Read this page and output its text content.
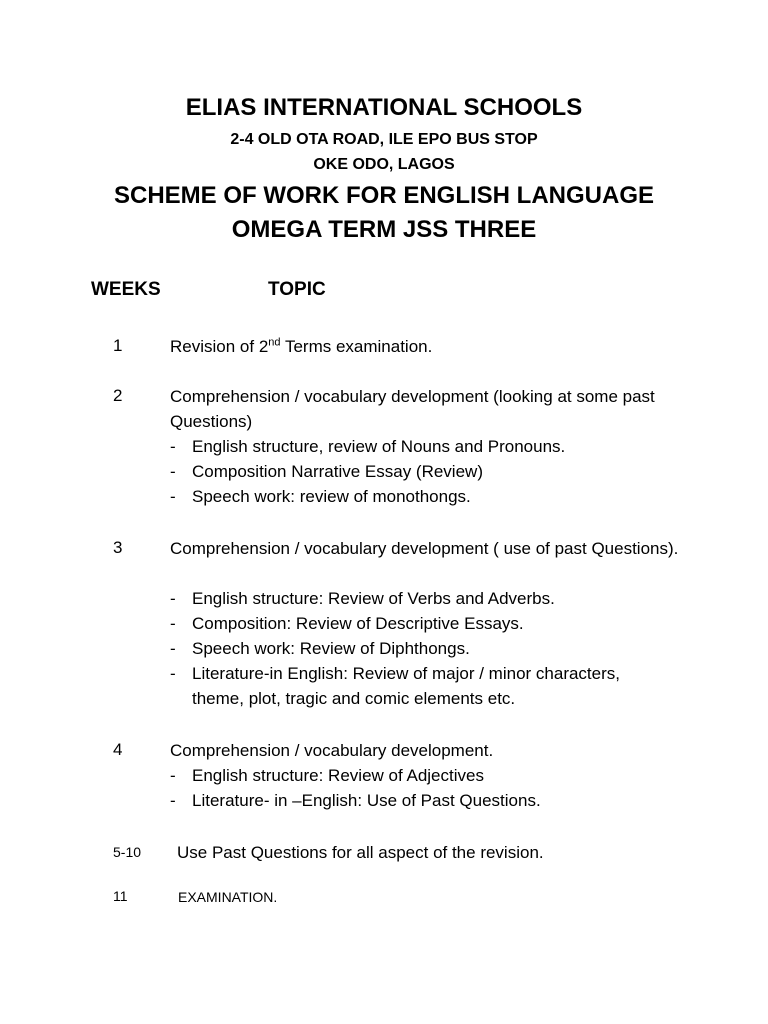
ELIAS INTERNATIONAL SCHOOLS
2-4 OLD OTA ROAD, ILE EPO BUS STOP
OKE ODO, LAGOS
SCHEME OF WORK FOR ENGLISH LANGUAGE
OMEGA TERM JSS THREE
WEEKS	TOPIC
1	Revision of 2nd Terms examination.
2	Comprehension / vocabulary development (looking at some past Questions)
- English structure, review of Nouns and Pronouns.
- Composition Narrative Essay (Review)
- Speech work: review of monothongs.
3	Comprehension / vocabulary development ( use of past Questions).
- English structure: Review of Verbs and Adverbs.
- Composition: Review of Descriptive Essays.
- Speech work: Review of Diphthongs.
- Literature-in English: Review of major / minor characters, theme, plot, tragic and comic elements etc.
4	Comprehension / vocabulary development.
- English structure: Review of Adjectives
- Literature- in –English: Use of Past Questions.
5-10 Use Past Questions for all aspect of the revision.
11	EXAMINATION.
